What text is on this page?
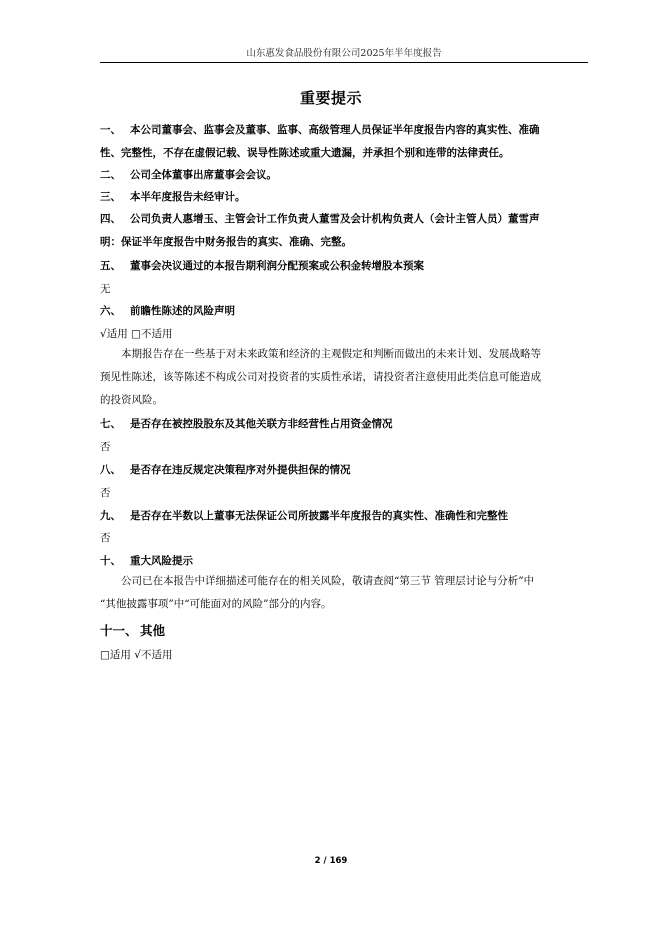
山东惠发食品股份有限公司2025年半年度报告
重要提示
一、 本公司董事会、监事会及董事、监事、高级管理人员保证半年度报告内容的真实性、准确
性、完整性，不存在虚假记载、误导性陈述或重大遗漏，并承担个别和连带的法律责任。
二、 公司全体董事出席董事会会议。
三、 本半年度报告未经审计。
四、 公司负责人惠增玉、主管会计工作负责人董雪及会计机构负责人（会计主管人员）董雪声
明：保证半年度报告中财务报告的真实、准确、完整。
五、 董事会决议通过的本报告期利润分配预案或公积金转增股本预案
无
六、 前瞻性陈述的风险声明
√适用 □不适用
本期报告存在一些基于对未来政策和经济的主观假定和判断而做出的未来计划、发展战略等
预见性陈述，该等陈述不构成公司对投资者的实质性承诺，请投资者注意使用此类信息可能造成
的投资风险。
七、 是否存在被控股股东及其他关联方非经营性占用资金情况
否
八、 是否存在违反规定决策程序对外提供担保的情况
否
九、 是否存在半数以上董事无法保证公司所披露半年度报告的真实性、准确性和完整性
否
十、 重大风险提示
公司已在本报告中详细描述可能存在的相关风险，敬请查阅“第三节 管理层讨论与分析”中
“其他披露事项”中“可能面对的风险”部分的内容。
十一、 其他
□适用 √不适用
2 / 169
